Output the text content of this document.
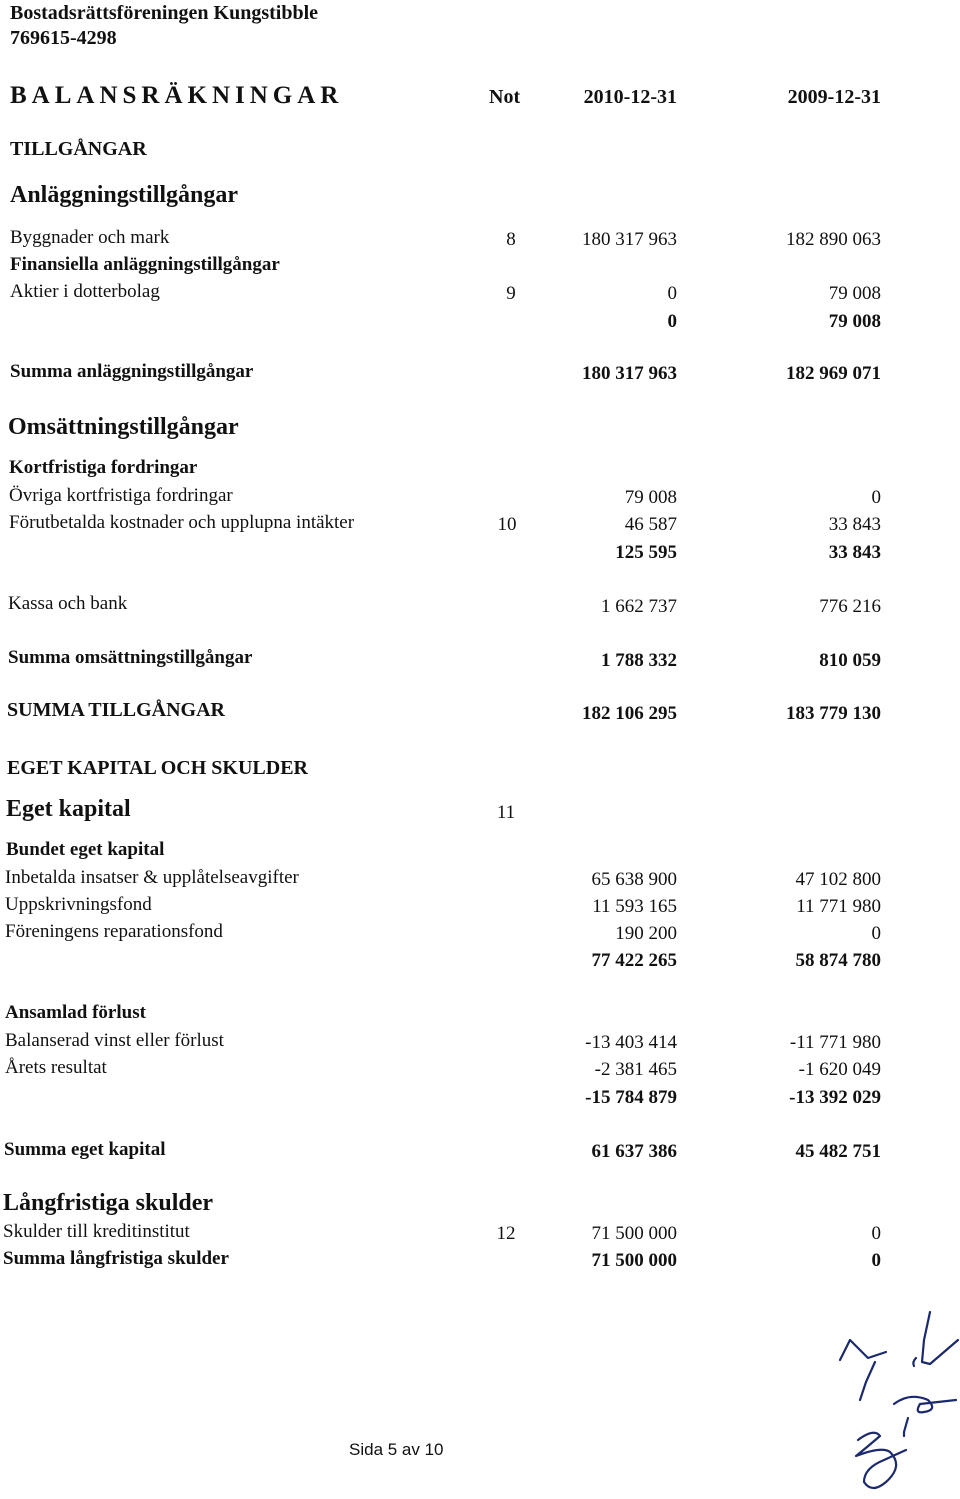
Bostadsrättsföreningen Kungstibble
769615-4298
BALANSRÄKNINGAR	Not	2010-12-31	2009-12-31
TILLGÅNGAR
Anläggningstillgångar
Byggnader och mark	8	180 317 963	182 890 063
Finansiella anläggningstillgångar
Aktier i dotterbolag	9	0	79 008
0	79 008
Summa anläggningstillgångar	180 317 963	182 969 071
Omsättningstillgångar
Kortfristiga fordringar
Övriga kortfristiga fordringar	79 008	0
Förutbetalda kostnader och upplupna intäkter	10	46 587	33 843
125 595	33 843
Kassa och bank	1 662 737	776 216
Summa omsättningstillgångar	1 788 332	810 059
SUMMA TILLGÅNGAR	182 106 295	183 779 130
EGET KAPITAL OCH SKULDER
Eget kapital	11
Bundet eget kapital
Inbetalda insatser & upplåtelseavgifter	65 638 900	47 102 800
Uppskrivningsfond	11 593 165	11 771 980
Föreningens reparationsfond	190 200	0
77 422 265	58 874 780
Ansamlad förlust
Balanserad vinst eller förlust	-13 403 414	-11 771 980
Årets resultat	-2 381 465	-1 620 049
-15 784 879	-13 392 029
Summa eget kapital	61 637 386	45 482 751
Långfristiga skulder
Skulder till kreditinstitut	12	71 500 000	0
Summa långfristiga skulder	71 500 000	0
Sida 5 av 10
